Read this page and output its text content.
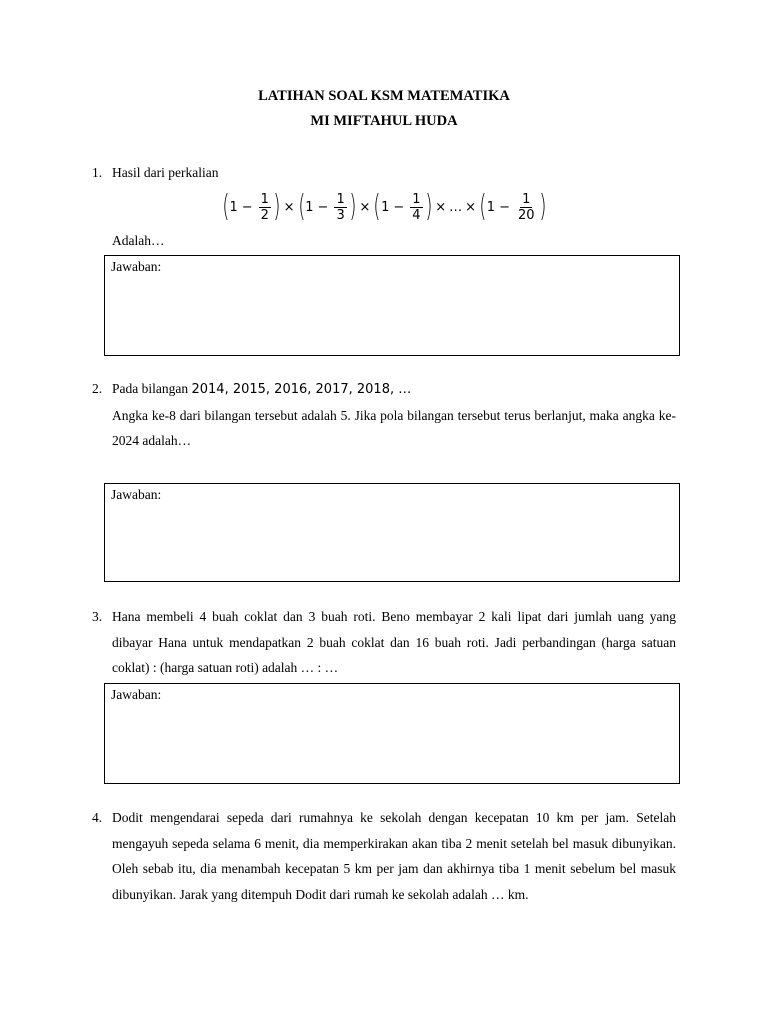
LATIHAN SOAL KSM MATEMATIKA
MI MIFTAHUL HUDA
1. Hasil dari perkalian
( $1 - \frac{1}{2}$ ) × ( $1 - \frac{1}{3}$ ) × ( $1 - \frac{1}{4}$ ) × … × ( $1 - \frac{1}{20}$ )
Adalah…
Jawaban:
2. Pada bilangan 2014, 2015, 2016, 2017, 2018, …
Angka ke-8 dari bilangan tersebut adalah 5. Jika pola bilangan tersebut terus berlanjut, maka angka ke-2024 adalah…
Jawaban:
3. Hana membeli 4 buah coklat dan 3 buah roti. Beno membayar 2 kali lipat dari jumlah uang yang dibayar Hana untuk mendapatkan 2 buah coklat dan 16 buah roti. Jadi perbandingan (harga satuan coklat) : (harga satuan roti) adalah … : …
Jawaban:
4. Dodit mengendarai sepeda dari rumahnya ke sekolah dengan kecepatan 10 km per jam. Setelah mengayuh sepeda selama 6 menit, dia memperkirakan akan tiba 2 menit setelah bel masuk dibunyikan. Oleh sebab itu, dia menambah kecepatan 5 km per jam dan akhirnya tiba 1 menit sebelum bel masuk dibunyikan. Jarak yang ditempuh Dodit dari rumah ke sekolah adalah … km.
